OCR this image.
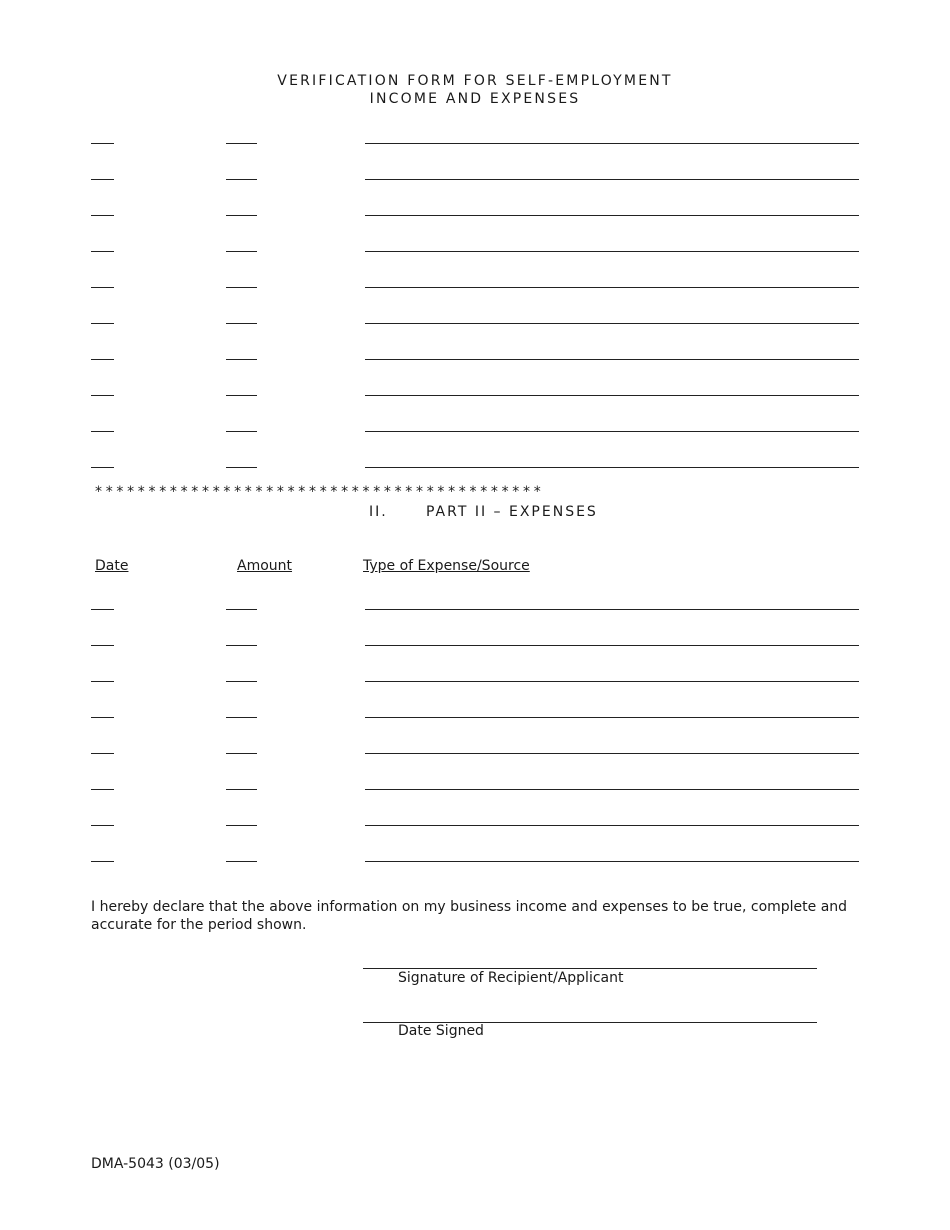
VERIFICATION FORM FOR SELF-EMPLOYMENT
INCOME AND EXPENSES
******************************************
II.	PART II – EXPENSES
Date	Amount	Type of Expense/Source
I hereby declare that the above information on my business income and expenses to be true, complete and accurate for the period shown.
Signature of Recipient/Applicant
Date Signed
DMA-5043 (03/05)
